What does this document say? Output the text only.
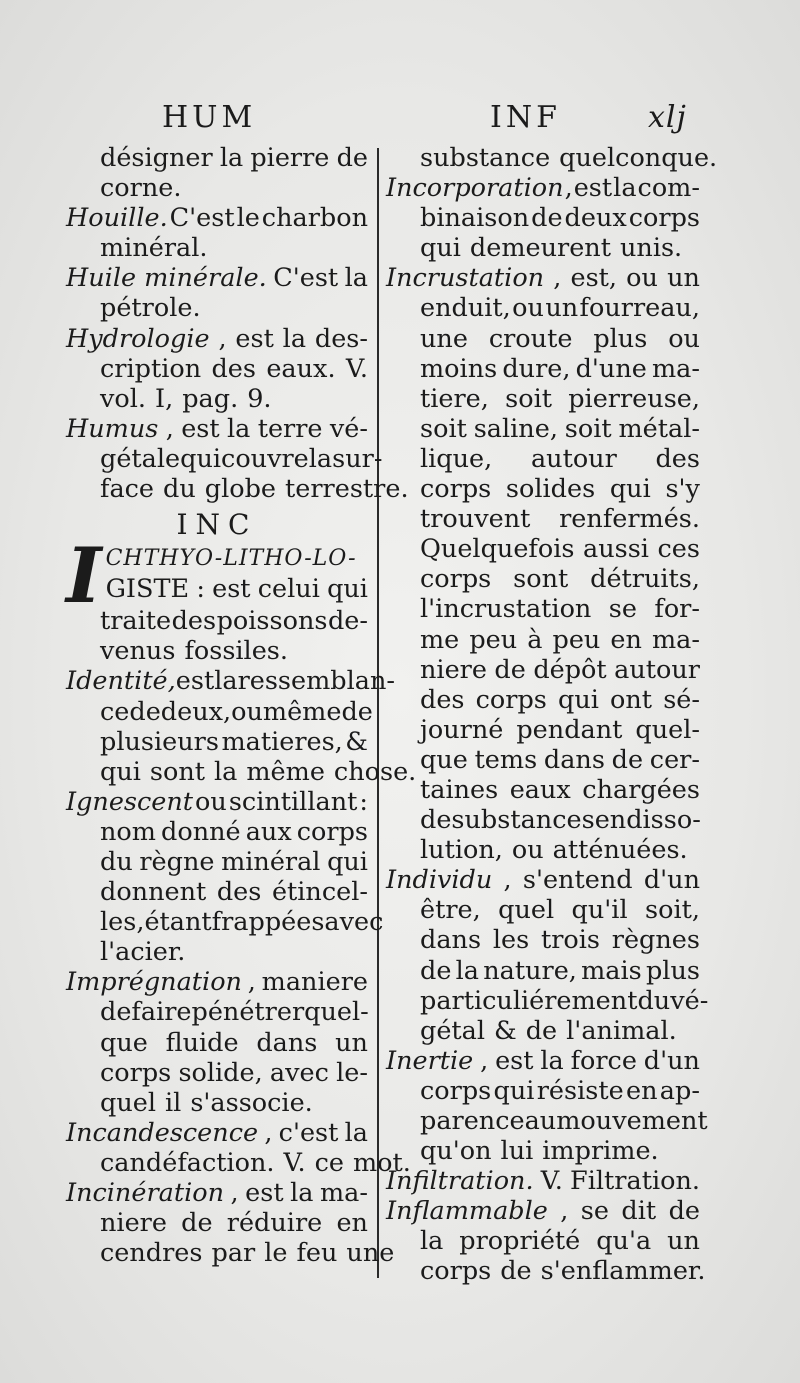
HUM	INF	xlj
désigner la pierre de
corne.
Houille. C'est le charbon
minéral.
Huile minérale. C'est la
pétrole.
Hydrologie , est la des-
cription des eaux. V.
vol. I, pag. 9.
Humus , est la terre vé-
gétale qui couvre la sur-
face du globe terrestre.
INC
I CHTHYO-LITHO-LO-
GISTE : est celui qui
traite des poissons de-
venus fossiles.
Identité, est la ressemblan-
ce de deux, ou même de
plusieurs matieres, &
qui sont la même chose.
Ignescent ou scintillant :
nom donné aux corps
du règne minéral qui
donnent des étincel-
les, étant frappées avec
l'acier.
Imprégnation , maniere
de faire pénétrer quel-
que fluide dans un
corps solide, avec le-
quel il s'associe.
Incandescence , c'est la
candéfaction. V. ce mot.
Incinération , est la ma-
niere de réduire en
cendres par le feu une
substance quelconque.
Incorporation , est la com-
binaison de deux corps
qui demeurent unis.
Incrustation , est, ou un
enduit, ou un fourreau,
une croute plus ou
moins dure, d'une ma-
tiere, soit pierreuse,
soit saline, soit métal-
lique, autour des
corps solides qui s'y
trouvent renfermés.
Quelquefois aussi ces
corps sont détruits,
l'incrustation se for-
me peu à peu en ma-
niere de dépôt autour
des corps qui ont sé-
journé pendant quel-
que tems dans de cer-
taines eaux chargées
de substances en disso-
lution, ou atténuées.
Individu , s'entend d'un
être, quel qu'il soit,
dans les trois règnes
de la nature, mais plus
particuliérement du vé-
gétal & de l'animal.
Inertie , est la force d'un
corps qui résiste en ap-
parence au mouvement
qu'on lui imprime.
Infiltration. V. Filtration.
Inflammable , se dit de
la propriété qu'a un
corps de s'enflammer.
